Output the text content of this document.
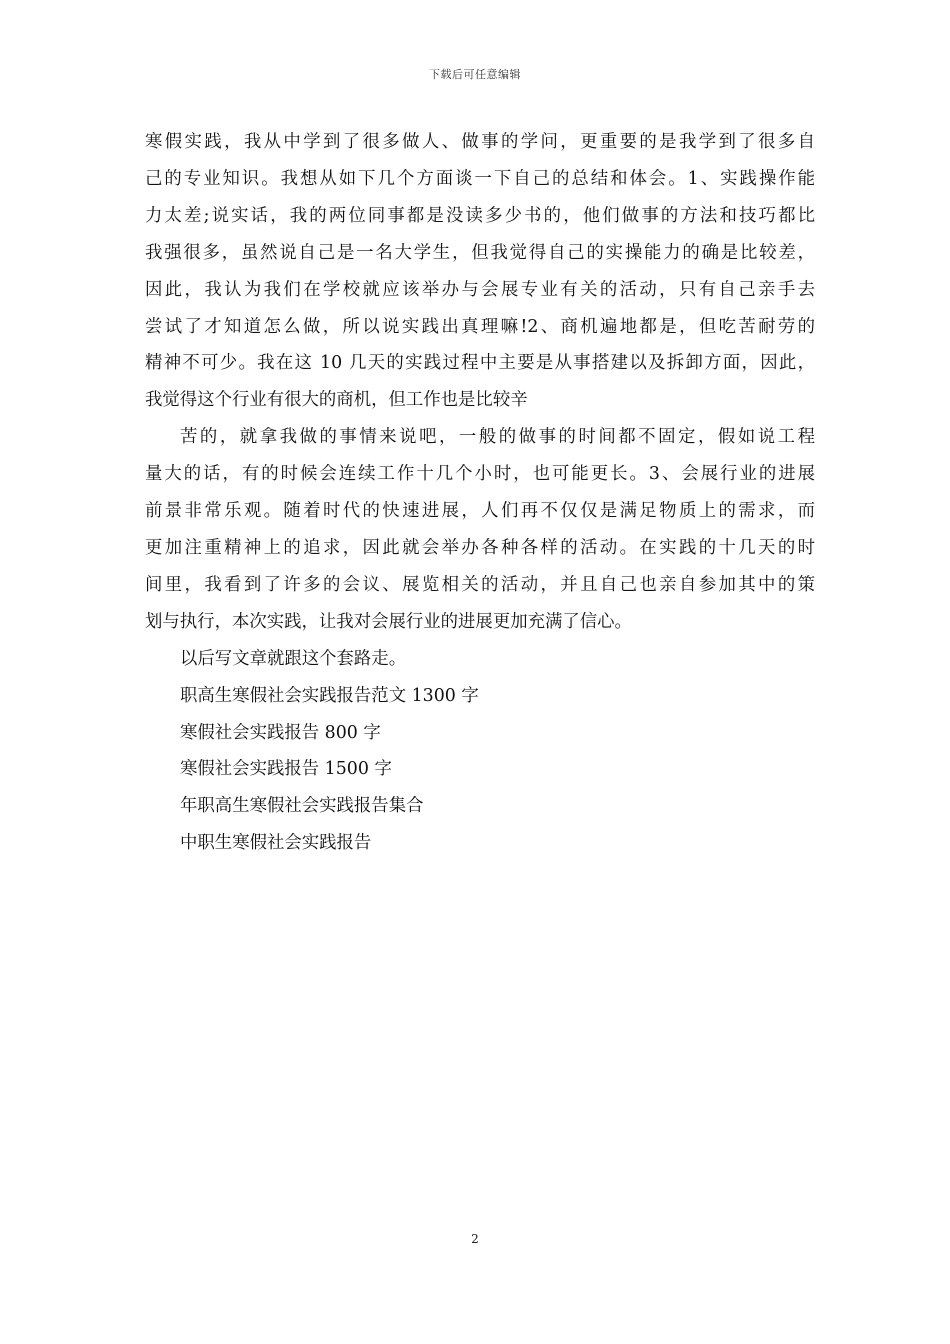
下载后可任意编辑
寒假实践，我从中学到了很多做人、做事的学问，更重要的是我学到了很多自
己的专业知识。我想从如下几个方面谈一下自己的总结和体会。1、实践操作能
力太差;说实话，我的两位同事都是没读多少书的，他们做事的方法和技巧都比
我强很多，虽然说自己是一名大学生，但我觉得自己的实操能力的确是比较差，
因此，我认为我们在学校就应该举办与会展专业有关的活动，只有自己亲手去
尝试了才知道怎么做，所以说实践出真理嘛!2、商机遍地都是，但吃苦耐劳的
精神不可少。我在这 10 几天的实践过程中主要是从事搭建以及拆卸方面，因此，
我觉得这个行业有很大的商机，但工作也是比较辛
苦的，就拿我做的事情来说吧，一般的做事的时间都不固定，假如说工程
量大的话，有的时候会连续工作十几个小时，也可能更长。3、会展行业的进展
前景非常乐观。随着时代的快速进展，人们再不仅仅是满足物质上的需求，而
更加注重精神上的追求，因此就会举办各种各样的活动。在实践的十几天的时
间里，我看到了许多的会议、展览相关的活动，并且自己也亲自参加其中的策
划与执行，本次实践，让我对会展行业的进展更加充满了信心。
以后写文章就跟这个套路走。
职高生寒假社会实践报告范文 1300 字
寒假社会实践报告 800 字
寒假社会实践报告 1500 字
年职高生寒假社会实践报告集合
中职生寒假社会实践报告
2
